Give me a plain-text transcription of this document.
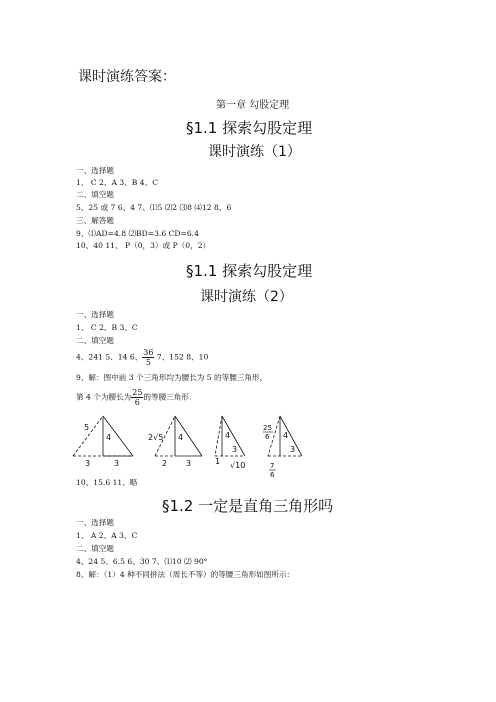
课时演练答案：
第一章 勾股定理
§1.1 探索勾股定理
课时演练（1）
一、选择题
1、 C 2、A 3、B 4、C
二、填空题
5、25 或 7 6、4 7、⑴5 ⑵2 ⑶8 ⑷12 8、6
三、解答题
9、⑴AD=4.8 ⑵BD=3.6 CD=6.4
10、40 11、 P（0，3）或 P（0，2）
§1.1 探索勾股定理
课时演练（2）
一、选择题
1、 C 2、B 3、C
二、填空题
4、241 5、14 6、 $\frac{36}{5} 7$、152 8、10
9、解：图中前 3 个三角形均为腰长为 5 的等腰三角形，
第 4 个为腰长为 $\frac{25}{6}$ 的等腰三角形.
5
4
3	3
2√5 4
2 3
4
3
1 √10
25
6 4
3
7
6
10、15.6 11、略
§1.2 一定是直角三角形吗
一、选择题
1、 A 2、A 3、C
二、填空题
4、24 5、6.5 6、30 7、⑴10 ⑵ 90°
8、解：（1）4 种不同拼法（周长不等）的等腰三角形如图所示：
